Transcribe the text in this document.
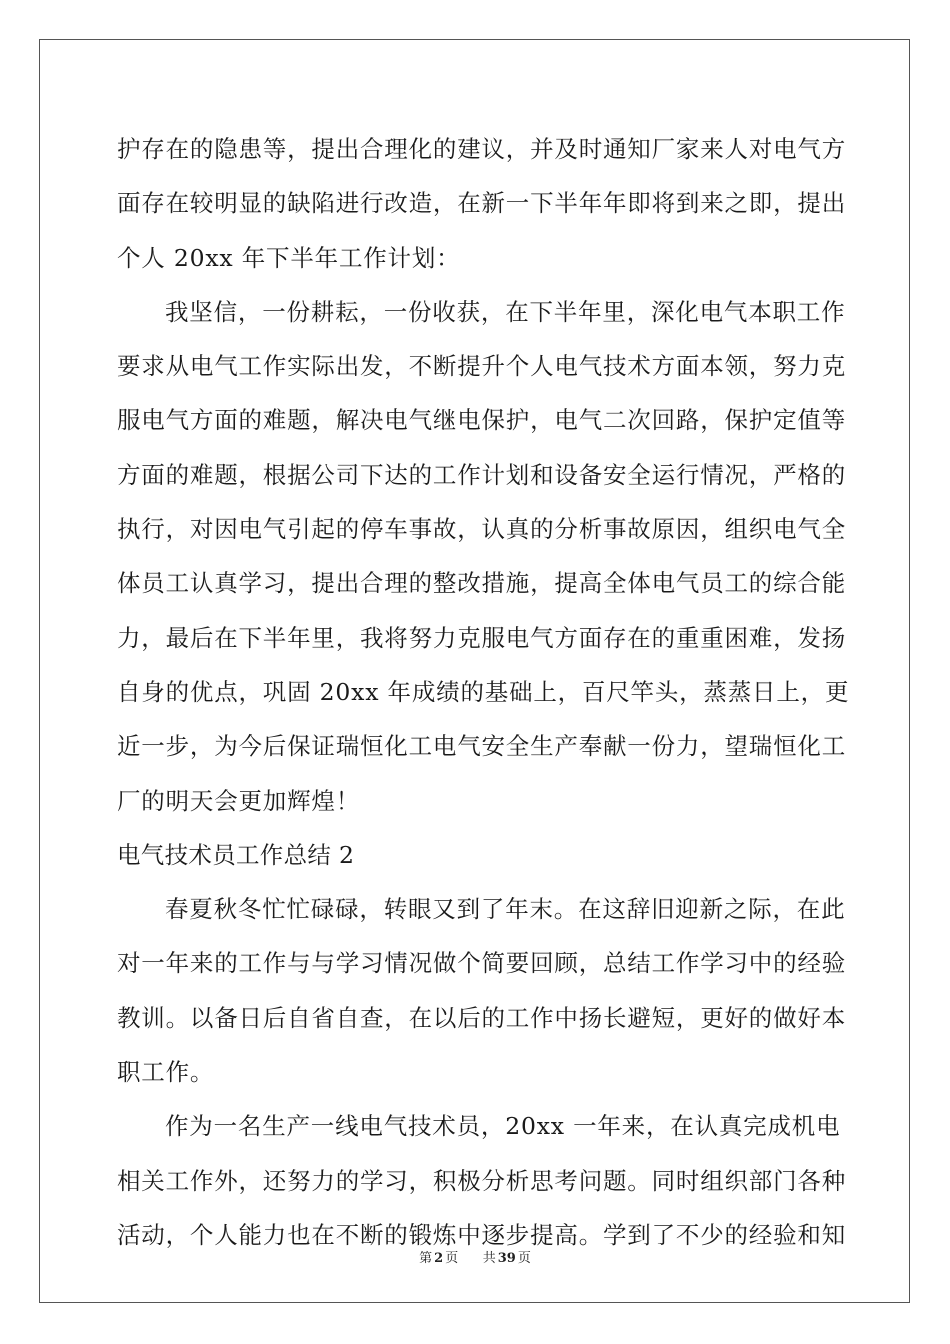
护存在的隐患等，提出合理化的建议，并及时通知厂家来人对电气方
面存在较明显的缺陷进行改造，在新一下半年年即将到来之即，提出
个人 20xx 年下半年工作计划：
我坚信，一份耕耘，一份收获，在下半年里，深化电气本职工作
要求从电气工作实际出发，不断提升个人电气技术方面本领，努力克
服电气方面的难题，解决电气继电保护，电气二次回路，保护定值等
方面的难题，根据公司下达的工作计划和设备安全运行情况，严格的
执行，对因电气引起的停车事故，认真的分析事故原因，组织电气全
体员工认真学习，提出合理的整改措施，提高全体电气员工的综合能
力，最后在下半年里，我将努力克服电气方面存在的重重困难，发扬
自身的优点，巩固 20xx 年成绩的基础上，百尺竿头，蒸蒸日上，更
近一步，为今后保证瑞恒化工电气安全生产奉献一份力，望瑞恒化工
厂的明天会更加辉煌！
电气技术员工作总结 2
春夏秋冬忙忙碌碌，转眼又到了年末。在这辞旧迎新之际，在此
对一年来的工作与与学习情况做个简要回顾，总结工作学习中的经验
教训。以备日后自省自查，在以后的工作中扬长避短，更好的做好本
职工作。
作为一名生产一线电气技术员，20xx 一年来，在认真完成机电
相关工作外，还努力的学习，积极分析思考问题。同时组织部门各种
活动，个人能力也在不断的锻炼中逐步提高。学到了不少的经验和知
第 2 页 共 39 页
